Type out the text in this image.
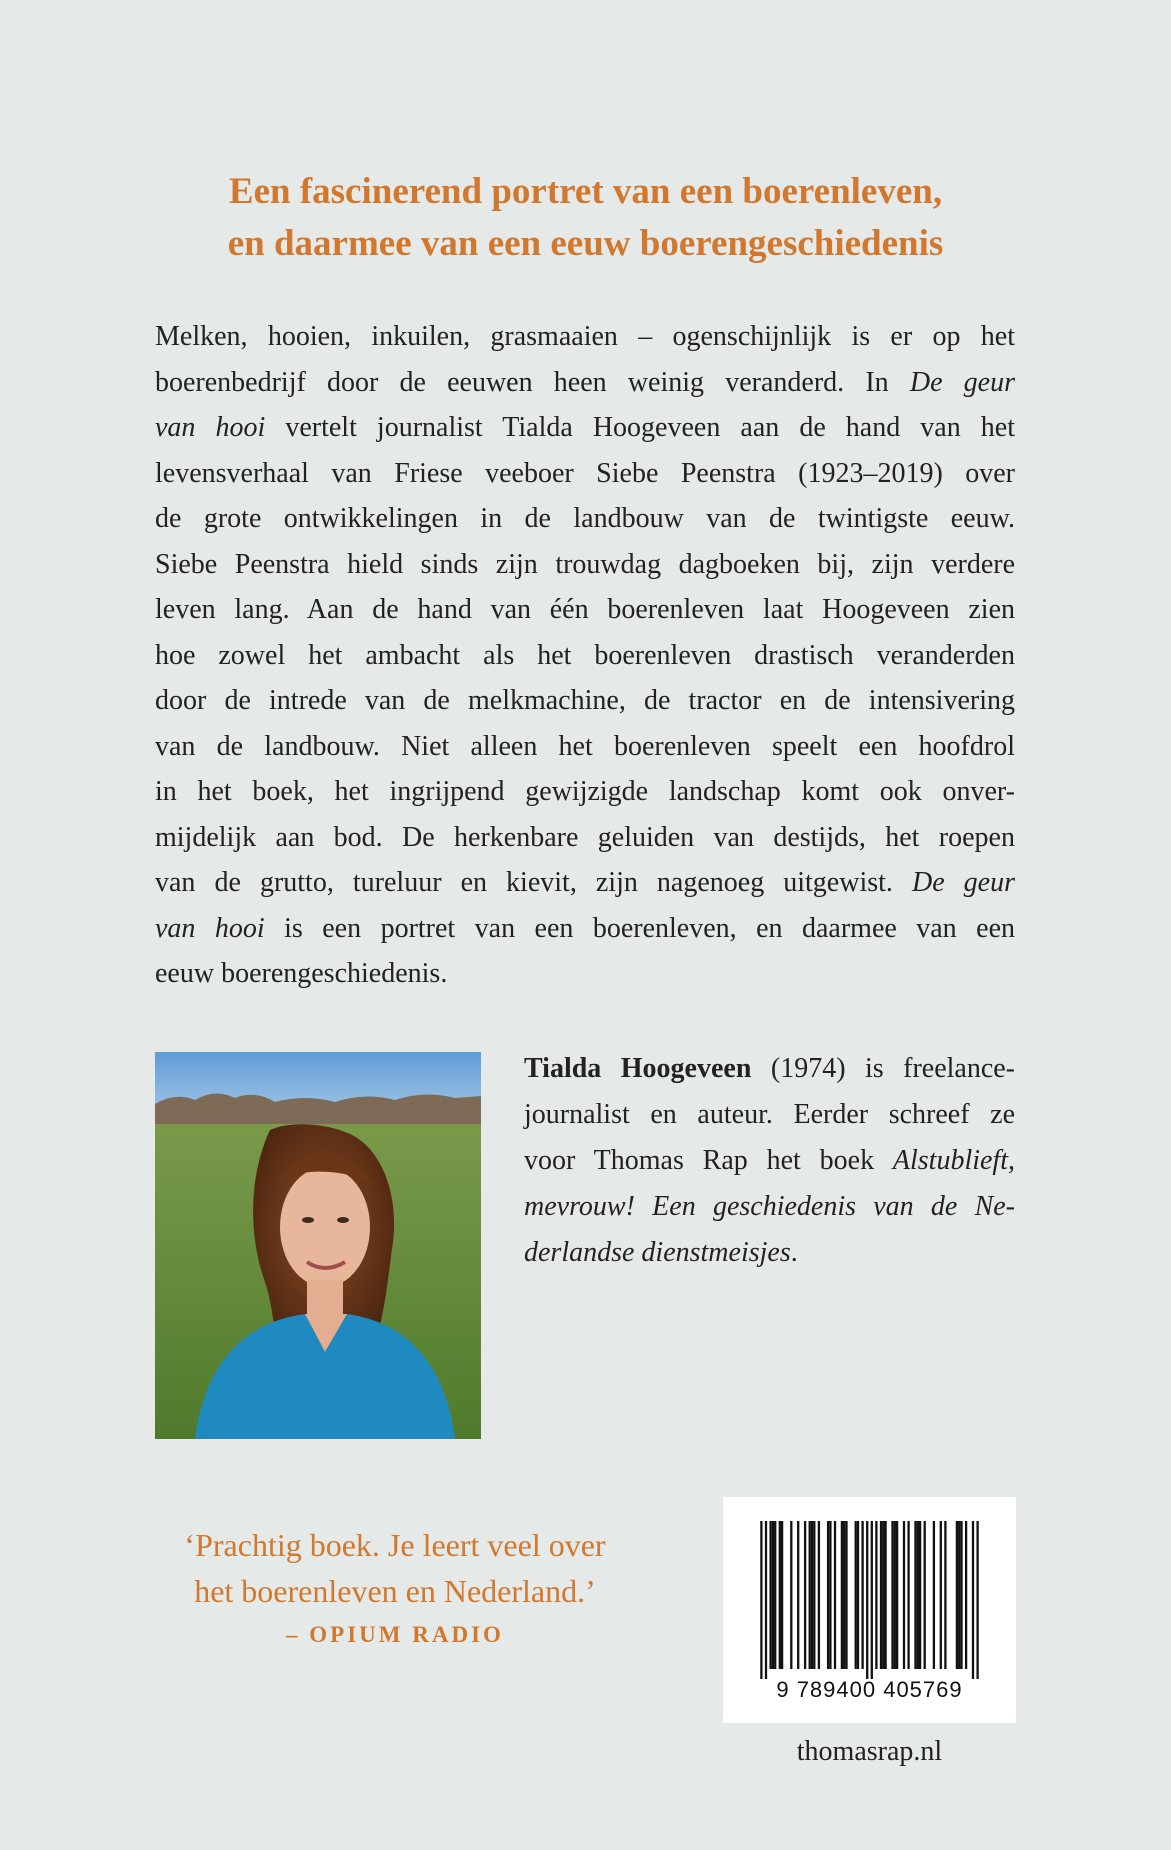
Een fascinerend portret van een boerenleven,
en daarmee van een eeuw boerengeschiedenis
Melken, hooien, inkuilen, grasmaaien – ogenschijnlijk is er op het
boerenbedrijf door de eeuwen heen weinig veranderd. In De geur
van hooi vertelt journalist Tialda Hoogeveen aan de hand van het
levensverhaal van Friese veeboer Siebe Peenstra (1923–2019) over
de grote ontwikkelingen in de landbouw van de twintigste eeuw.
Siebe Peenstra hield sinds zijn trouwdag dagboeken bij, zijn verdere
leven lang. Aan de hand van één boerenleven laat Hoogeveen zien
hoe zowel het ambacht als het boerenleven drastisch veranderden
door de intrede van de melkmachine, de tractor en de intensivering
van de landbouw. Niet alleen het boerenleven speelt een hoofdrol
in het boek, het ingrijpend gewijzigde landschap komt ook onver-
mijdelijk aan bod. De herkenbare geluiden van destijds, het roepen
van de grutto, tureluur en kievit, zijn nagenoeg uitgewist. De geur
van hooi is een portret van een boerenleven, en daarmee van een
eeuw boerengeschiedenis.
Tialda Hoogeveen (1974) is freelance-
journalist en auteur. Eerder schreef ze
voor Thomas Rap het boek Alstublieft,
mevrouw! Een geschiedenis van de Ne-
derlandse dienstmeisjes.
‘Prachtig boek. Je leert veel over
het boerenleven en Nederland.’
– OPIUM RADIO
9 789400 405769
thomasrap.nl
